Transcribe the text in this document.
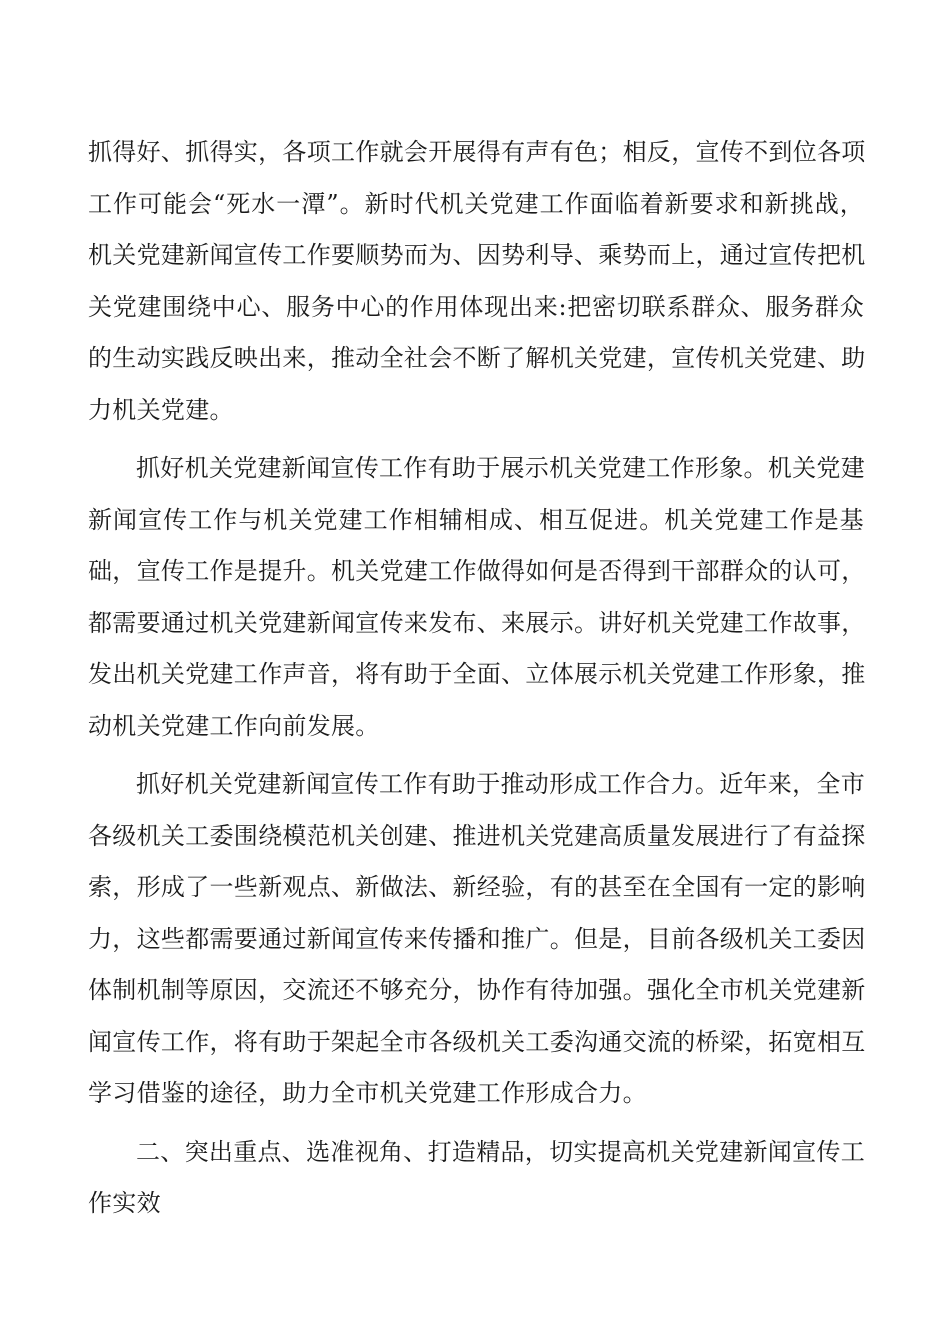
抓得好、抓得实，各项工作就会开展得有声有色；相反，宣传不到位各项
工作可能会“死水一潭”。新时代机关党建工作面临着新要求和新挑战，
机关党建新闻宣传工作要顺势而为、因势利导、乘势而上，通过宣传把机
关党建围绕中心、服务中心的作用体现出来:把密切联系群众、服务群众
的生动实践反映出来，推动全社会不断了解机关党建，宣传机关党建、助
力机关党建。
抓好机关党建新闻宣传工作有助于展示机关党建工作形象。机关党建
新闻宣传工作与机关党建工作相辅相成、相互促进。机关党建工作是基
础，宣传工作是提升。机关党建工作做得如何是否得到干部群众的认可，
都需要通过机关党建新闻宣传来发布、来展示。讲好机关党建工作故事，
发出机关党建工作声音，将有助于全面、立体展示机关党建工作形象，推
动机关党建工作向前发展。
抓好机关党建新闻宣传工作有助于推动形成工作合力。近年来，全市
各级机关工委围绕模范机关创建、推进机关党建高质量发展进行了有益探
索，形成了一些新观点、新做法、新经验，有的甚至在全国有一定的影响
力，这些都需要通过新闻宣传来传播和推广。但是，目前各级机关工委因
体制机制等原因，交流还不够充分，协作有待加强。强化全市机关党建新
闻宣传工作，将有助于架起全市各级机关工委沟通交流的桥梁，拓宽相互
学习借鉴的途径，助力全市机关党建工作形成合力。
二、突出重点、选准视角、打造精品，切实提高机关党建新闻宣传工
作实效
